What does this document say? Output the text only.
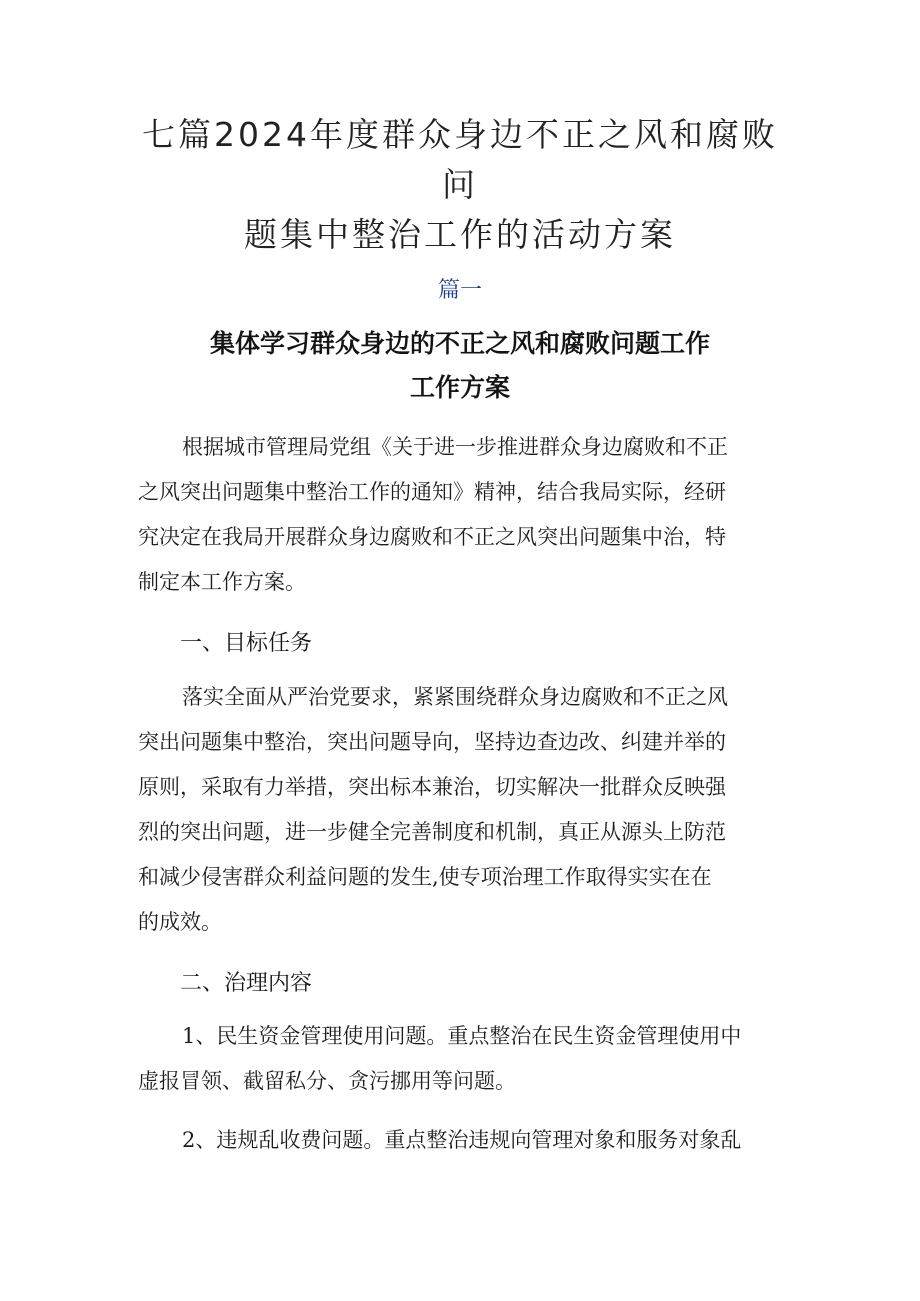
七篇2024年度群众身边不正之风和腐败问
题集中整治工作的活动方案
篇一
集体学习群众身边的不正之风和腐败问题工作
工作方案
根据城市管理局党组《关于进一步推进群众身边腐败和不正
之风突出问题集中整治工作的通知》精神，结合我局实际，经研
究决定在我局开展群众身边腐败和不正之风突出问题集中治，特
制定本工作方案。
一、目标任务
落实全面从严治党要求，紧紧围绕群众身边腐败和不正之风
突出问题集中整治，突出问题导向，坚持边查边改、纠建并举的
原则，采取有力举措，突出标本兼治，切实解决一批群众反映强
烈的突出问题，进一步健全完善制度和机制，真正从源头上防范
和减少侵害群众利益问题的发生,使专项治理工作取得实实在在
的成效。
二、治理内容
1、民生资金管理使用问题。重点整治在民生资金管理使用中
虚报冒领、截留私分、贪污挪用等问题。
2、违规乱收费问题。重点整治违规向管理对象和服务对象乱
